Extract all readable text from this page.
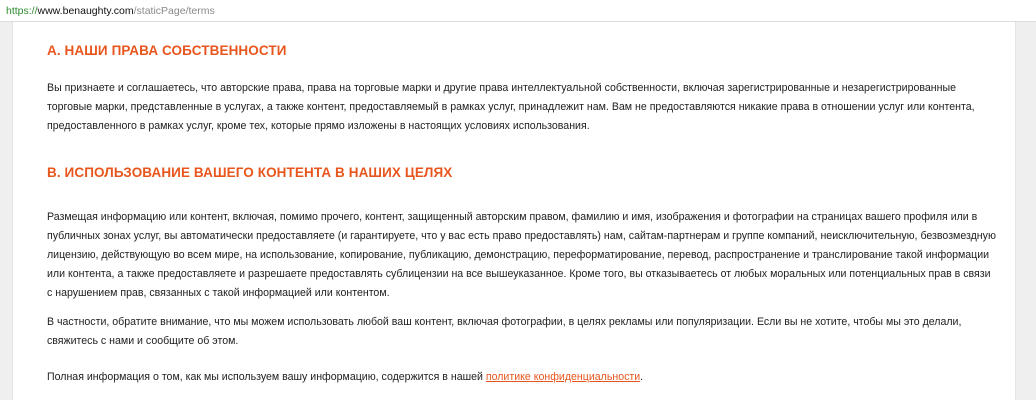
https://www.benaughty.com/staticPage/terms
A. НАШИ ПРАВА СОБСТВЕННОСТИ

Вы признаете и соглашаетесь, что авторские права, права на торговые марки и другие права интеллектуальной собственности, включая зарегистрированные и незарегистрированные торговые марки, представленные в услугах, а также контент, предоставляемый в рамках услуг, принадлежит нам. Вам не предоставляются никакие права в отношении услуг или контента, предоставленного в рамках услуг, кроме тех, которые прямо изложены в настоящих условиях использования.

B. ИСПОЛЬЗОВАНИЕ ВАШЕГО КОНТЕНТА В НАШИХ ЦЕЛЯХ

Размещая информацию или контент, включая, помимо прочего, контент, защищенный авторским правом, фамилию и имя, изображения и фотографии на страницах вашего профиля или в публичных зонах услуг, вы автоматически предоставляете (и гарантируете, что у вас есть право предоставлять) нам, сайтам-партнерам и группе компаний, неисключительную, безвозмездную лицензию, действующую во всем мире, на использование, копирование, публикацию, демонстрацию, переформатирование, перевод, распространение и транслирование такой информации или контента, а также предоставляете и разрешаете предоставлять сублицензии на все вышеуказанное. Кроме того, вы отказываетесь от любых моральных или потенциальных прав в связи с нарушением прав, связанных с такой информацией или контентом.

В частности, обратите внимание, что мы можем использовать любой ваш контент, включая фотографии, в целях рекламы или популяризации. Если вы не хотите, чтобы мы это делали, свяжитесь с нами и сообщите об этом.

Полная информация о том, как мы используем вашу информацию, содержится в нашей политике конфиденциальности.
